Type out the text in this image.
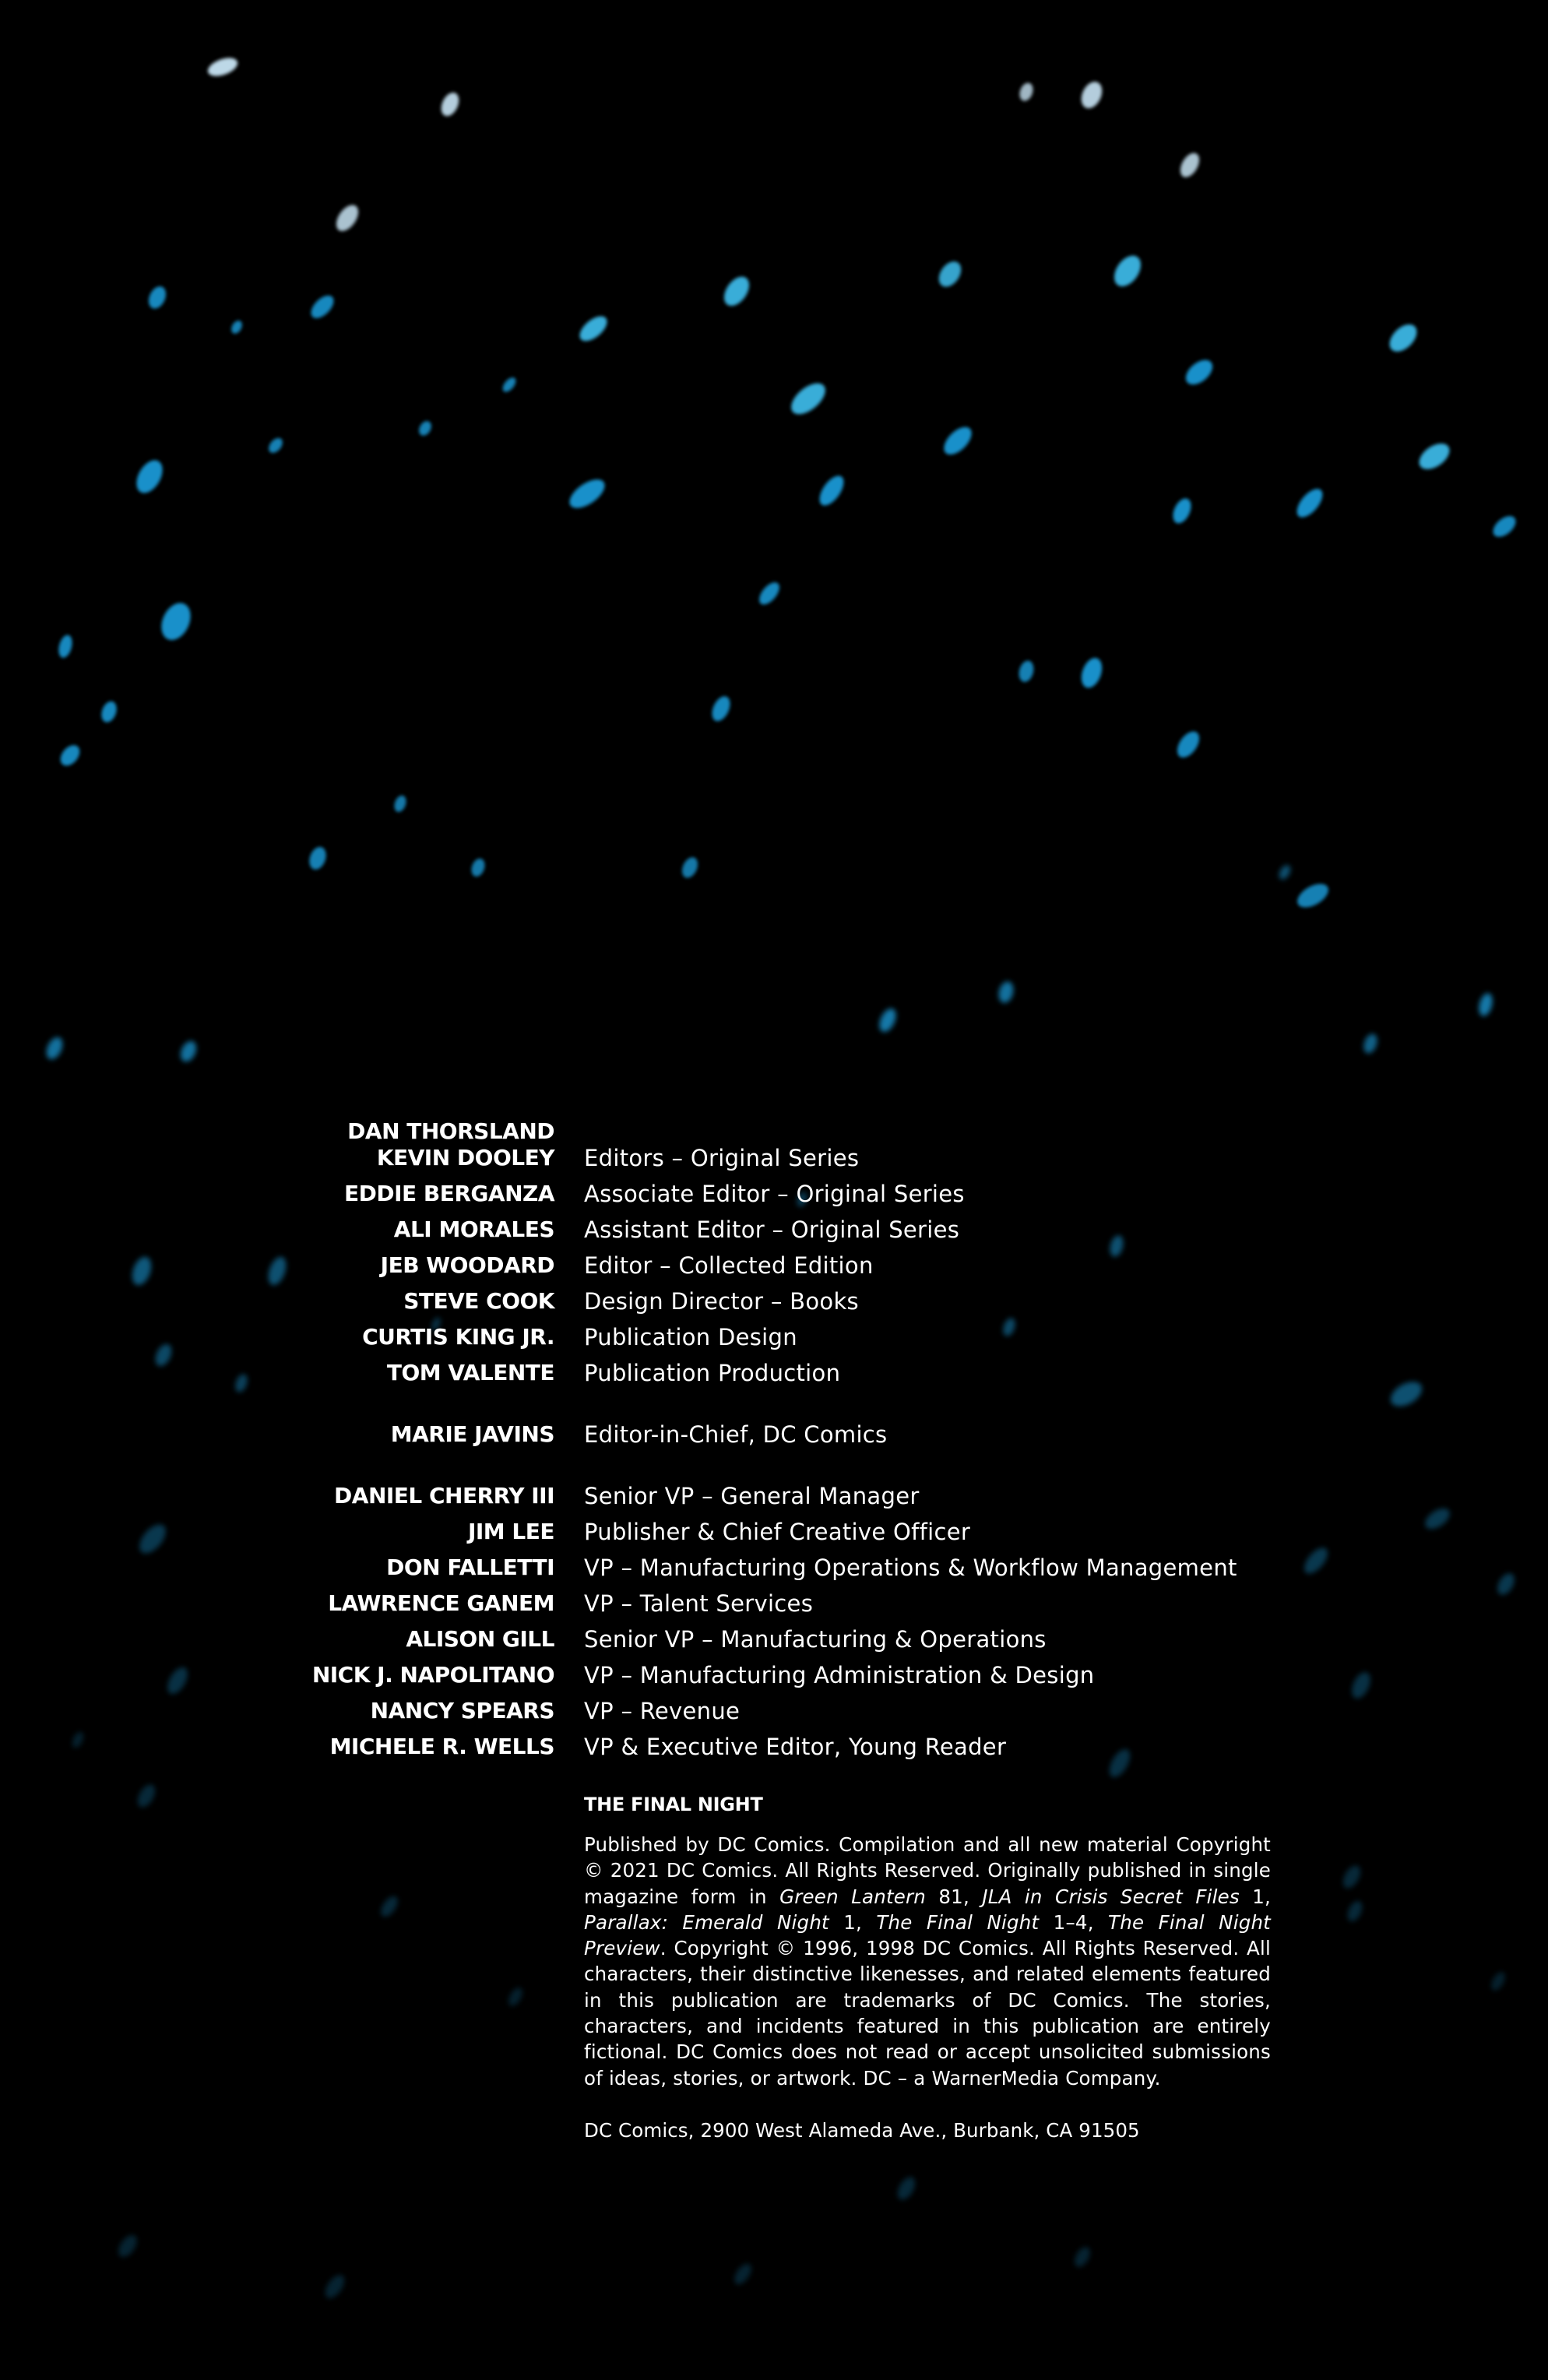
DAN THORSLAND
KEVIN DOOLEY Editors – Original Series
EDDIE BERGANZA Associate Editor – Original Series
ALI MORALES Assistant Editor – Original Series
JEB WOODARD Editor – Collected Edition
STEVE COOK Design Director – Books
CURTIS KING JR. Publication Design
TOM VALENTE Publication Production
MARIE JAVINS Editor-in-Chief, DC Comics
DANIEL CHERRY III Senior VP – General Manager
JIM LEE Publisher & Chief Creative Officer
DON FALLETTI VP – Manufacturing Operations & Workflow Management
LAWRENCE GANEM VP – Talent Services
ALISON GILL Senior VP – Manufacturing & Operations
NICK J. NAPOLITANO VP – Manufacturing Administration & Design
NANCY SPEARS VP – Revenue
MICHELE R. WELLS VP & Executive Editor, Young Reader

THE FINAL NIGHT

Published by DC Comics. Compilation and all new material Copyright © 2021 DC Comics. All Rights Reserved. Originally published in single magazine form in Green Lantern 81, JLA in Crisis Secret Files 1, Parallax: Emerald Night 1, The Final Night 1–4, The Final Night Preview. Copyright © 1996, 1998 DC Comics. All Rights Reserved. All characters, their distinctive likenesses, and related elements featured in this publication are trademarks of DC Comics. The stories, characters, and incidents featured in this publication are entirely fictional. DC Comics does not read or accept unsolicited submissions of ideas, stories, or artwork. DC – a WarnerMedia Company.

DC Comics, 2900 West Alameda Ave., Burbank, CA 91505
